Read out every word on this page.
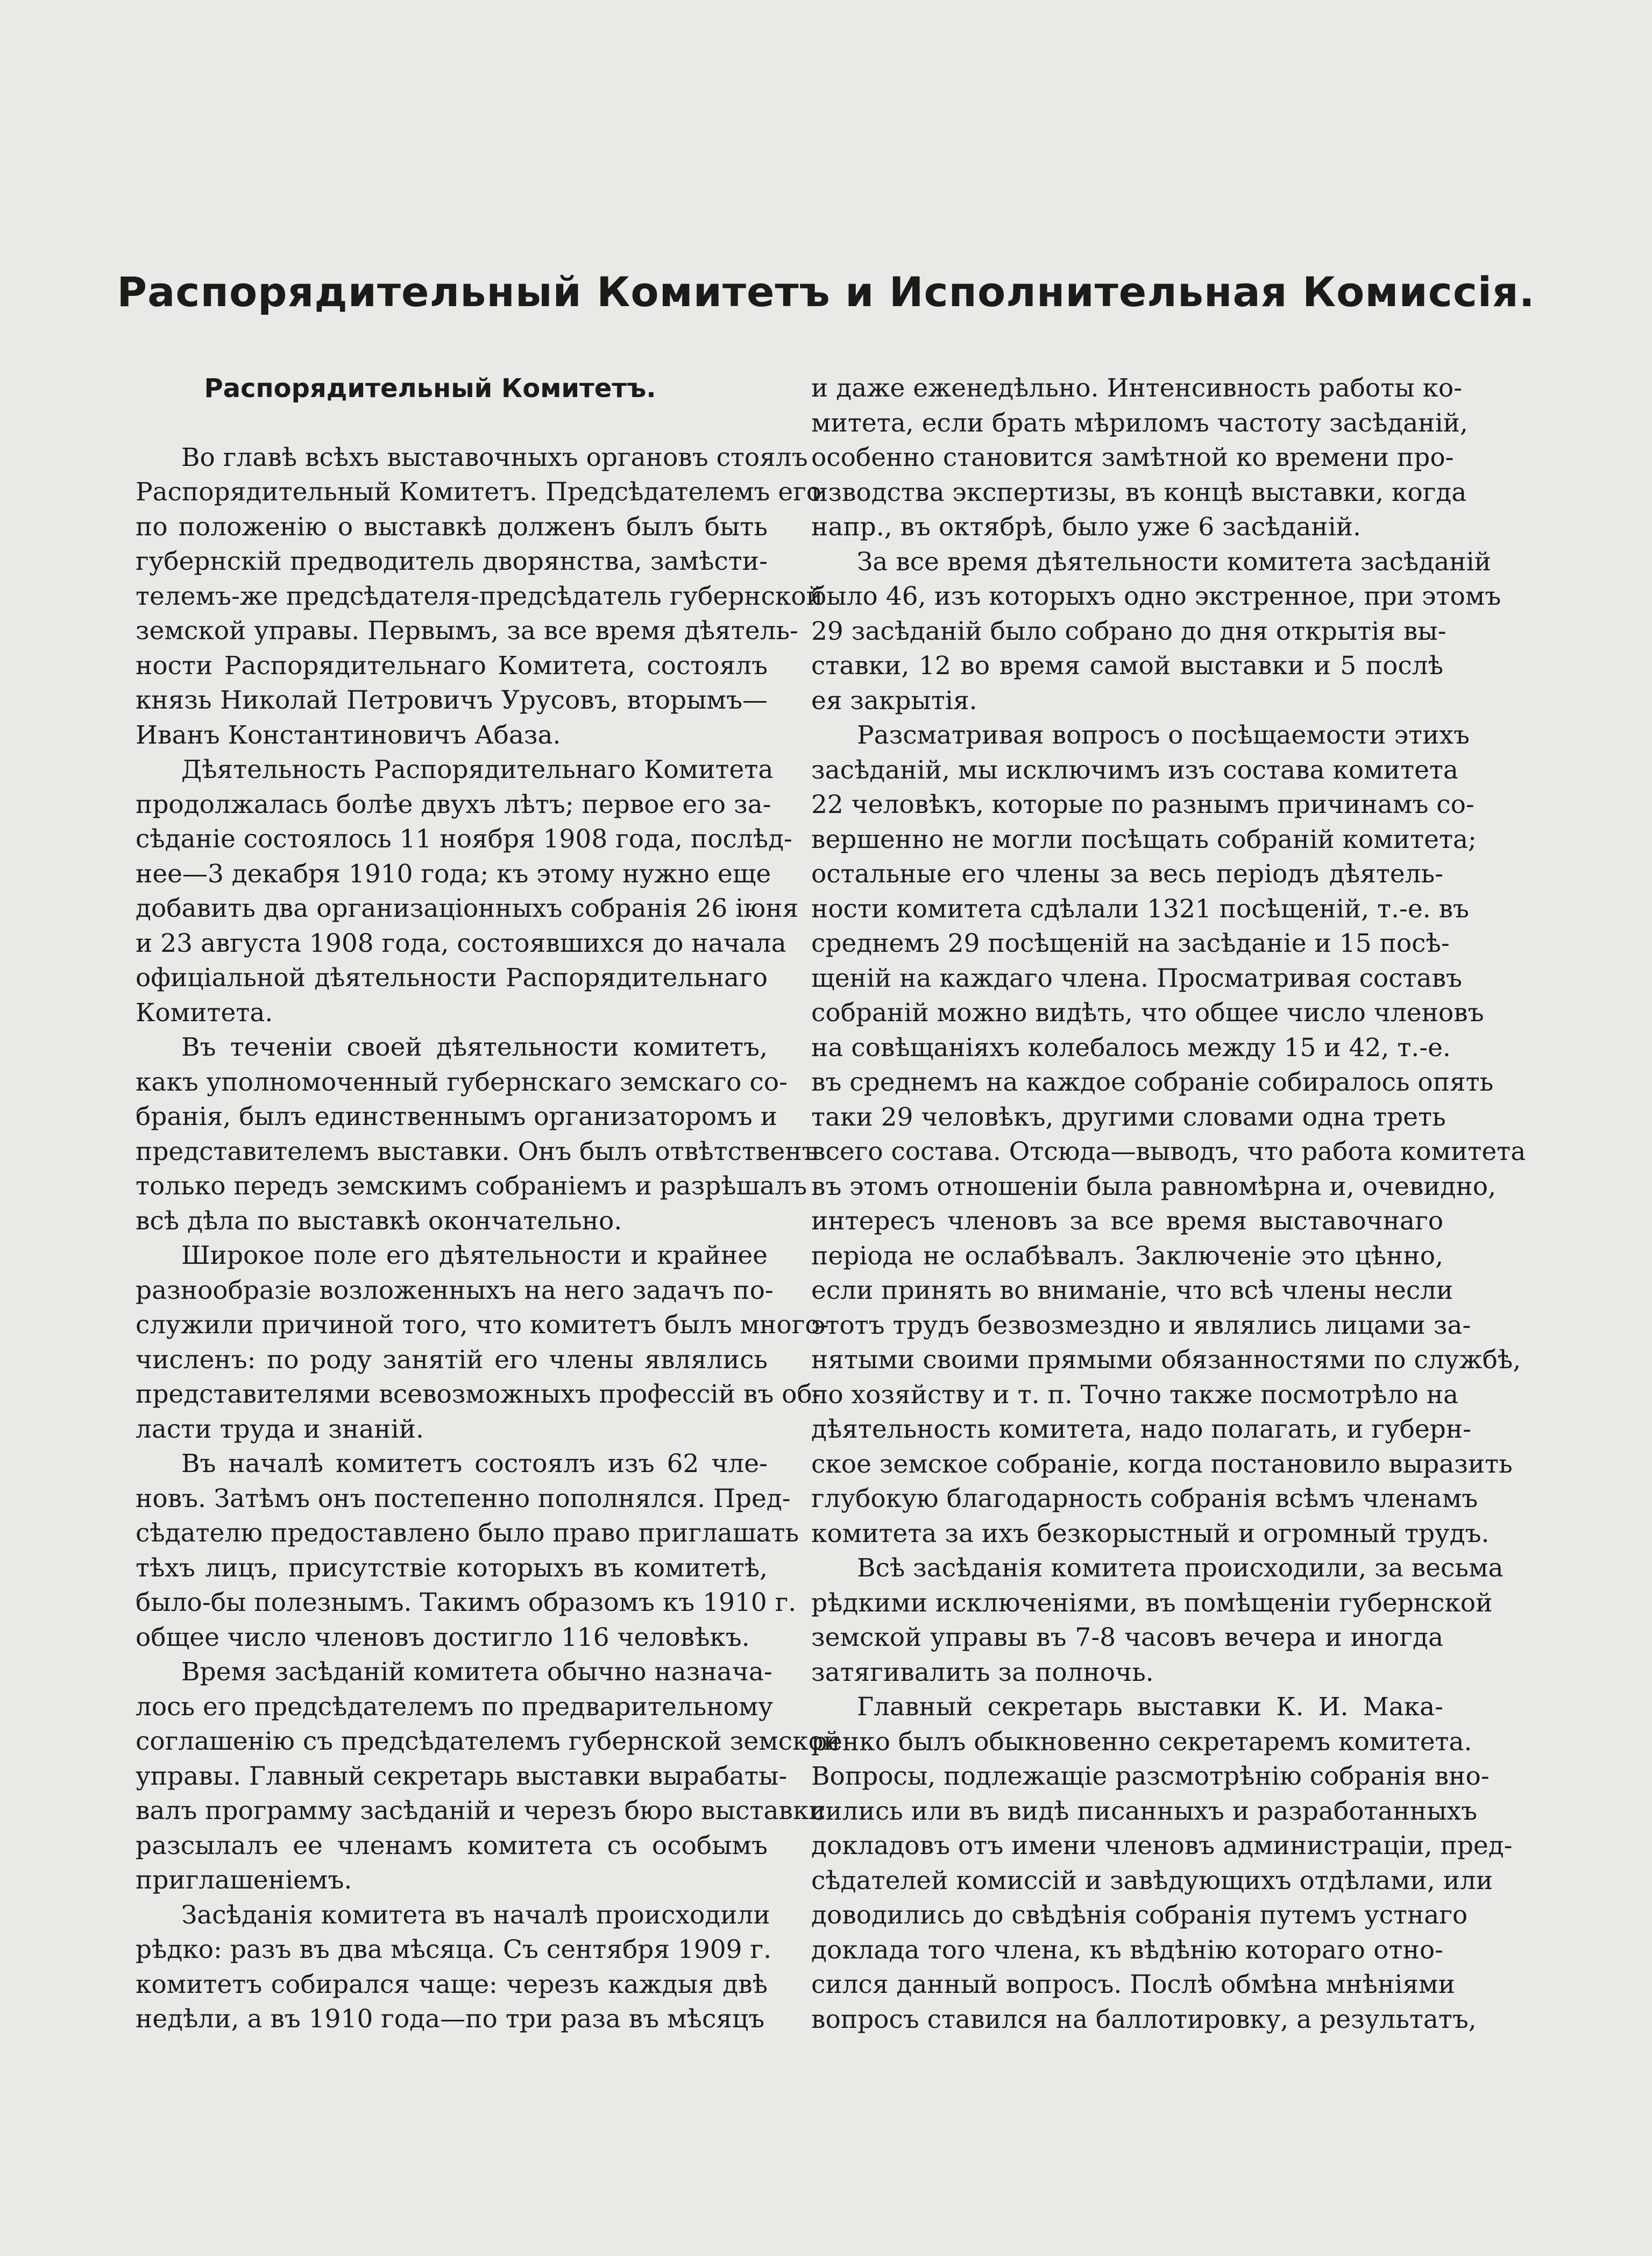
Распорядительный Комитетъ и Исполнительная Комиссія.
Распорядительный Комитетъ.
Во главѣ всѣхъ выставочныхъ органовъ стоялъ
Распорядительный Комитетъ. Предсѣдателемъ его
по положенію о выставкѣ долженъ былъ быть
губернскій предводитель дворянства, замѣсти-
телемъ-же предсѣдателя-предсѣдатель губернской
земской управы. Первымъ, за все время дѣятель-
ности Распорядительнаго Комитета, состоялъ
князь Николай Петровичъ Урусовъ, вторымъ—
Иванъ Константиновичъ Абаза.
Дѣятельность Распорядительнаго Комитета
продолжалась болѣе двухъ лѣтъ; первое его за-
сѣданіе состоялось 11 ноября 1908 года, послѣд-
нее—3 декабря 1910 года; къ этому нужно еще
добавить два организаціонныхъ собранія 26 іюня
и 23 августа 1908 года, состоявшихся до начала
офиціальной дѣятельности Распорядительнаго
Комитета.
Въ теченіи своей дѣятельности комитетъ,
какъ уполномоченный губернскаго земскаго со-
бранія, былъ единственнымъ организаторомъ и
представителемъ выставки. Онъ былъ отвѣтственъ
только передъ земскимъ собраніемъ и разрѣшалъ
всѣ дѣла по выставкѣ окончательно.
Широкое поле его дѣятельности и крайнее
разнообразіе возложенныхъ на него задачъ по-
служили причиной того, что комитетъ былъ много-
численъ: по роду занятій его члены являлись
представителями всевозможныхъ профессій въ об-
ласти труда и знаній.
Въ началѣ комитетъ состоялъ изъ 62 чле-
новъ. Затѣмъ онъ постепенно пополнялся. Пред-
сѣдателю предоставлено было право приглашать
тѣхъ лицъ, присутствіе которыхъ въ комитетѣ,
было-бы полезнымъ. Такимъ образомъ къ 1910 г.
общее число членовъ достигло 116 человѣкъ.
Время засѣданій комитета обычно назнача-
лось его предсѣдателемъ по предварительному
соглашенію съ предсѣдателемъ губернской земской
управы. Главный секретарь выставки вырабаты-
валъ программу засѣданій и черезъ бюро выставки
разсылалъ ее членамъ комитета съ особымъ
приглашеніемъ.
Засѣданія комитета въ началѣ происходили
рѣдко: разъ въ два мѣсяца. Съ сентября 1909 г.
комитетъ собирался чаще: черезъ каждыя двѣ
недѣли, а въ 1910 года—по три раза въ мѣсяцъ
и даже еженедѣльно. Интенсивность работы ко-
митета, если брать мѣриломъ частоту засѣданій,
особенно становится замѣтной ко времени про-
изводства экспертизы, въ концѣ выставки, когда
напр., въ октябрѣ, было уже 6 засѣданій.
За все время дѣятельности комитета засѣданій
было 46, изъ которыхъ одно экстренное, при этомъ
29 засѣданій было собрано до дня открытія вы-
ставки, 12 во время самой выставки и 5 послѣ
ея закрытія.
Разсматривая вопросъ о посѣщаемости этихъ
засѣданій, мы исключимъ изъ состава комитета
22 человѣкъ, которые по разнымъ причинамъ со-
вершенно не могли посѣщать собраній комитета;
остальные его члены за весь періодъ дѣятель-
ности комитета сдѣлали 1321 посѣщеній, т.-е. въ
среднемъ 29 посѣщеній на засѣданіе и 15 посѣ-
щеній на каждаго члена. Просматривая составъ
собраній можно видѣть, что общее число членовъ
на совѣщаніяхъ колебалось между 15 и 42, т.-е.
въ среднемъ на каждое собраніе собиралось опять
таки 29 человѣкъ, другими словами одна треть
всего состава. Отсюда—выводъ, что работа комитета
въ этомъ отношеніи была равномѣрна и, очевидно,
интересъ членовъ за все время выставочнаго
періода не ослабѣвалъ. Заключеніе это цѣнно,
если принять во вниманіе, что всѣ члены несли
этотъ трудъ безвозмездно и являлись лицами за-
нятыми своими прямыми обязанностями по службѣ,
по хозяйству и т. п. Точно также посмотрѣло на
дѣятельность комитета, надо полагать, и губерн-
ское земское собраніе, когда постановило выразить
глубокую благодарность собранія всѣмъ членамъ
комитета за ихъ безкорыстный и огромный трудъ.
Всѣ засѣданія комитета происходили, за весьма
рѣдкими исключеніями, въ помѣщеніи губернской
земской управы въ 7-8 часовъ вечера и иногда
затягивалить за полночь.
Главный секретарь выставки К. И. Мака-
ренко былъ обыкновенно секретаремъ комитета.
Вопросы, подлежащіе разсмотрѣнію собранія вно-
сились или въ видѣ писанныхъ и разработанныхъ
докладовъ отъ имени членовъ администраціи, пред-
сѣдателей комиссій и завѣдующихъ отдѣлами, или
доводились до свѣдѣнія собранія путемъ устнаго
доклада того члена, къ вѣдѣнію котораго отно-
сился данный вопросъ. Послѣ обмѣна мнѣніями
вопросъ ставился на баллотировку, а результатъ,
